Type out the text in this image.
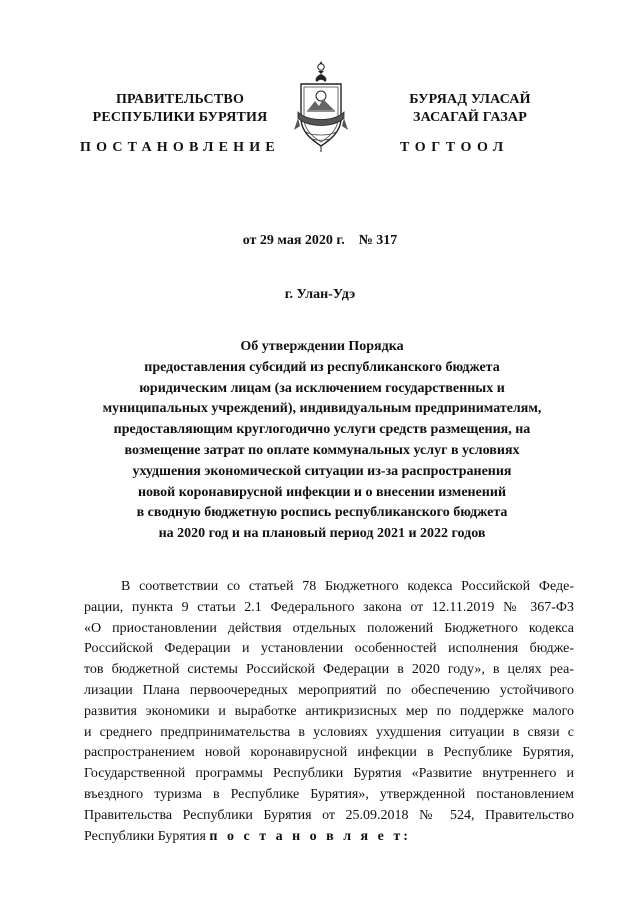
ПРАВИТЕЛЬСТВО
РЕСПУБЛИКИ БУРЯТИЯ
БУРЯАД УЛАСАЙ
ЗАСАГАЙ ГАЗАР
ПОСТАНОВЛЕНИЕ	ТОГТООЛ
от 29 мая 2020 г.    № 317
г. Улан-Удэ
Об утверждении Порядка
предоставления субсидий из республиканского бюджета
юридическим лицам (за исключением государственных и
муниципальных учреждений), индивидуальным предпринимателям,
предоставляющим круглогодично услуги средств размещения, на
возмещение затрат по оплате коммунальных услуг в условиях
ухудшения экономической ситуации из-за распространения
новой коронавирусной инфекции и о внесении изменений
в сводную бюджетную роспись республиканского бюджета
на 2020 год и на плановый период 2021 и 2022 годов
В соответствии со статьей 78 Бюджетного кодекса Российской Феде-
рации, пункта 9 статьи 2.1 Федерального закона от 12.11.2019 № 367-ФЗ
«О приостановлении действия отдельных положений Бюджетного кодекса
Российской Федерации и установлении особенностей исполнения бюдже-
тов бюджетной системы Российской Федерации в 2020 году», в целях реа-
лизации Плана первоочередных мероприятий по обеспечению устойчивого
развития экономики и выработке антикризисных мер по поддержке малого
и среднего предпринимательства в условиях ухудшения ситуации в связи с
распространением новой коронавирусной инфекции в Республике Бурятия,
Государственной программы Республики Бурятия «Развитие внутреннего и
въездного туризма в Республике Бурятия», утвержденной постановлением
Правительства Республики Бурятия от 25.09.2018 № 524, Правительство
Республики Бурятия п о с т а н о в л я е т:
